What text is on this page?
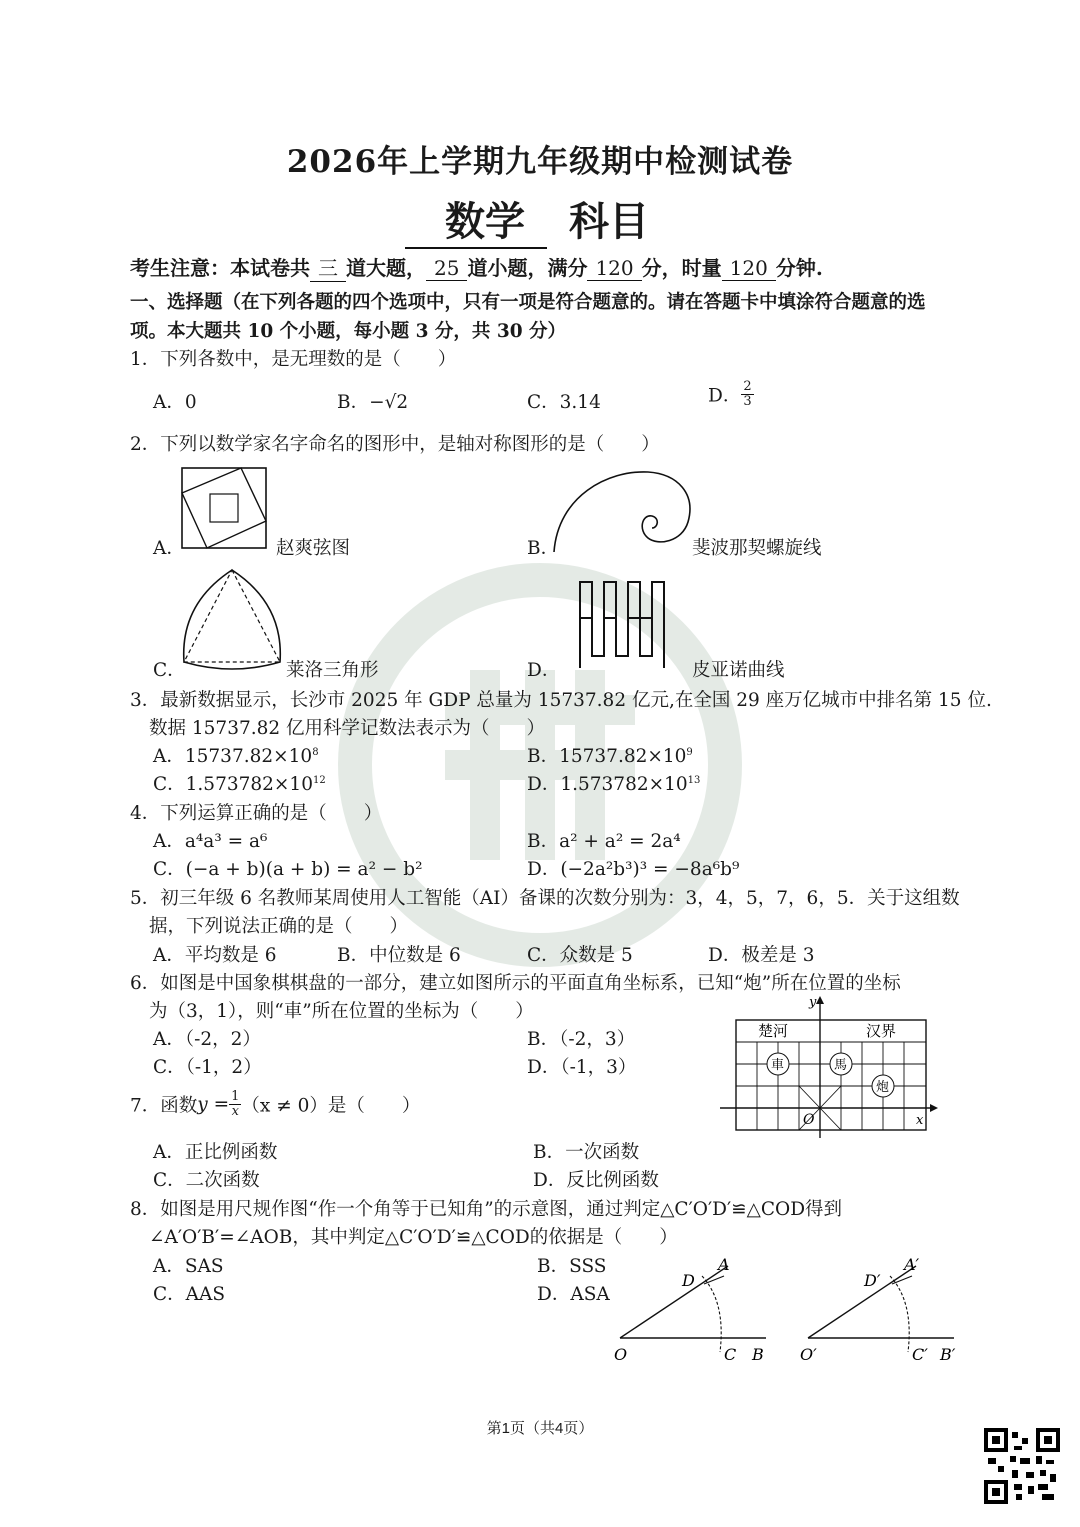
2026年上学期九年级期中检测试卷
数学 科目
考生注意：本试卷共 三 道大题， 25 道小题，满分 120 分，时量 120 分钟.
一、选择题（在下列各题的四个选项中，只有一项是符合题意的。请在答题卡中填涂符合题意的选
项。本大题共 10 个小题，每小题 3 分，共 30 分）
1．下列各数中，是无理数的是（　　）
A．0	B．−√2	C．3.14	D． $\frac{2}{3}$
2．下列以数学家名字命名的图形中，是轴对称图形的是（　　）
A．	赵爽弦图	B．	斐波那契螺旋线
C．	莱洛三角形	D．	皮亚诺曲线
3．最新数据显示，长沙市 2025 年 GDP 总量为 15737.82 亿元,在全国 29 座万亿城市中排名第 15 位.
数据 15737.82 亿用科学记数法表示为（　　）
A．$15737.82\times 10^8$	B．$15737.82\times 10^9$
C．$1.573782\times 10^{12}$	D．$1.573782\times 10^{13}$
4．下列运算正确的是（　　）
A．a⁴a³ = a⁶	B．a² + a² = 2a⁴
C．(−a + b)(a + b) = a² − b²	D．(−2a²b³)³ = −8a⁶b⁹
5．初三年级 6 名教师某周使用人工智能（AI）备课的次数分别为：3，4，5，7，6，5．关于这组数
据，下列说法正确的是（　　）
A．平均数是 6	B．中位数是 6	C．众数是 5	D．极差是 3
6．如图是中国象棋棋盘的一部分，建立如图所示的平面直角坐标系，已知“炮”所在位置的坐标
为（3，1），则“車”所在位置的坐标为（　　）
A．（-2，2）	B．（-2，3）
C．（-1，2）	D．（-1，3）
y
x
O
楚河	汉界
車	馬
炮
7．函数$y = \frac{1}{x} (x \ne 0)$是（　　）
A．正比例函数	B．一次函数
C．二次函数	D．反比例函数
8．如图是用尺规作图“作一个角等于已知角”的示意图，通过判定△C′O′D′≌△COD得到
∠A′O′B′=∠AOB，其中判定△C′O′D′≌△COD的依据是（　　）
A．SAS	B．SSS
C．AAS	D．ASA
O
A
D
C B O′
A′
D′
C′ B′
第1页（共4页）
